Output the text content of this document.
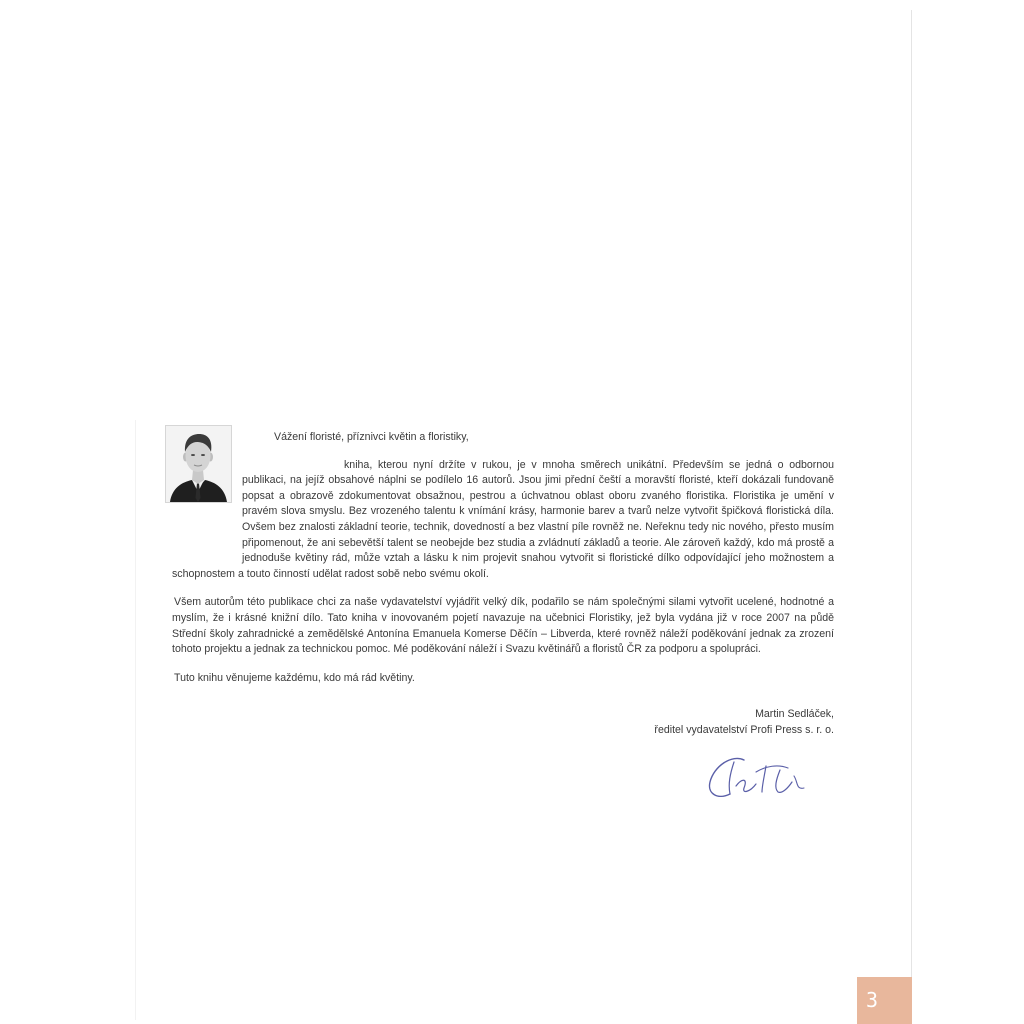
Vážení floristé, příznivci květin a floristiky,

kniha, kterou nyní držíte v rukou, je v mnoha směrech unikátní. Především se jedná o odbornou publikaci, na jejíž obsahové náplni se podílelo 16 autorů. Jsou jimi přední čeští a moravští floristé, kteří dokázali fundovaně popsat a obrazově zdokumentovat obsažnou, pestrou a úchvatnou oblast oboru zvaného floristika. Floristika je umění v pravém slova smyslu. Bez vrozeného talentu k vnímání krásy, harmonie barev a tvarů nelze vytvořit špičková floristická díla. Ovšem bez znalosti základní teorie, technik, dovedností a bez vlastní píle rovněž ne. Neřeknu tedy nic nového, přesto musím připomenout, že ani sebevětší talent se neobejde bez studia a zvládnutí základů a teorie. Ale zároveň každý, kdo má prostě a jednoduše květiny rád, může vztah a lásku k nim projevit snahou vytvořit si floristické dílko odpovídající jeho možnostem a schopnostem a touto činností udělat radost sobě nebo svému okolí.

Všem autorům této publikace chci za naše vydavatelství vyjádřit velký dík, podařilo se nám společnými silami vytvořit ucelené, hodnotné a myslím, že i krásné knižní dílo. Tato kniha v inovovaném pojetí navazuje na učebnici Floristiky, jež byla vydána již v roce 2007 na půdě Střední školy zahradnické a zemědělské Antonína Emanuela Komerse Děčín – Libverda, které rovněž náleží poděkování jednak za zrození tohoto projektu a jednak za technickou pomoc. Mé poděkování náleží i Svazu květinářů a floristů ČR za podporu a spolupráci.

Tuto knihu věnujeme každému, kdo má rád květiny.

Martin Sedláček,
ředitel vydavatelství Profi Press s. r. o.
3
